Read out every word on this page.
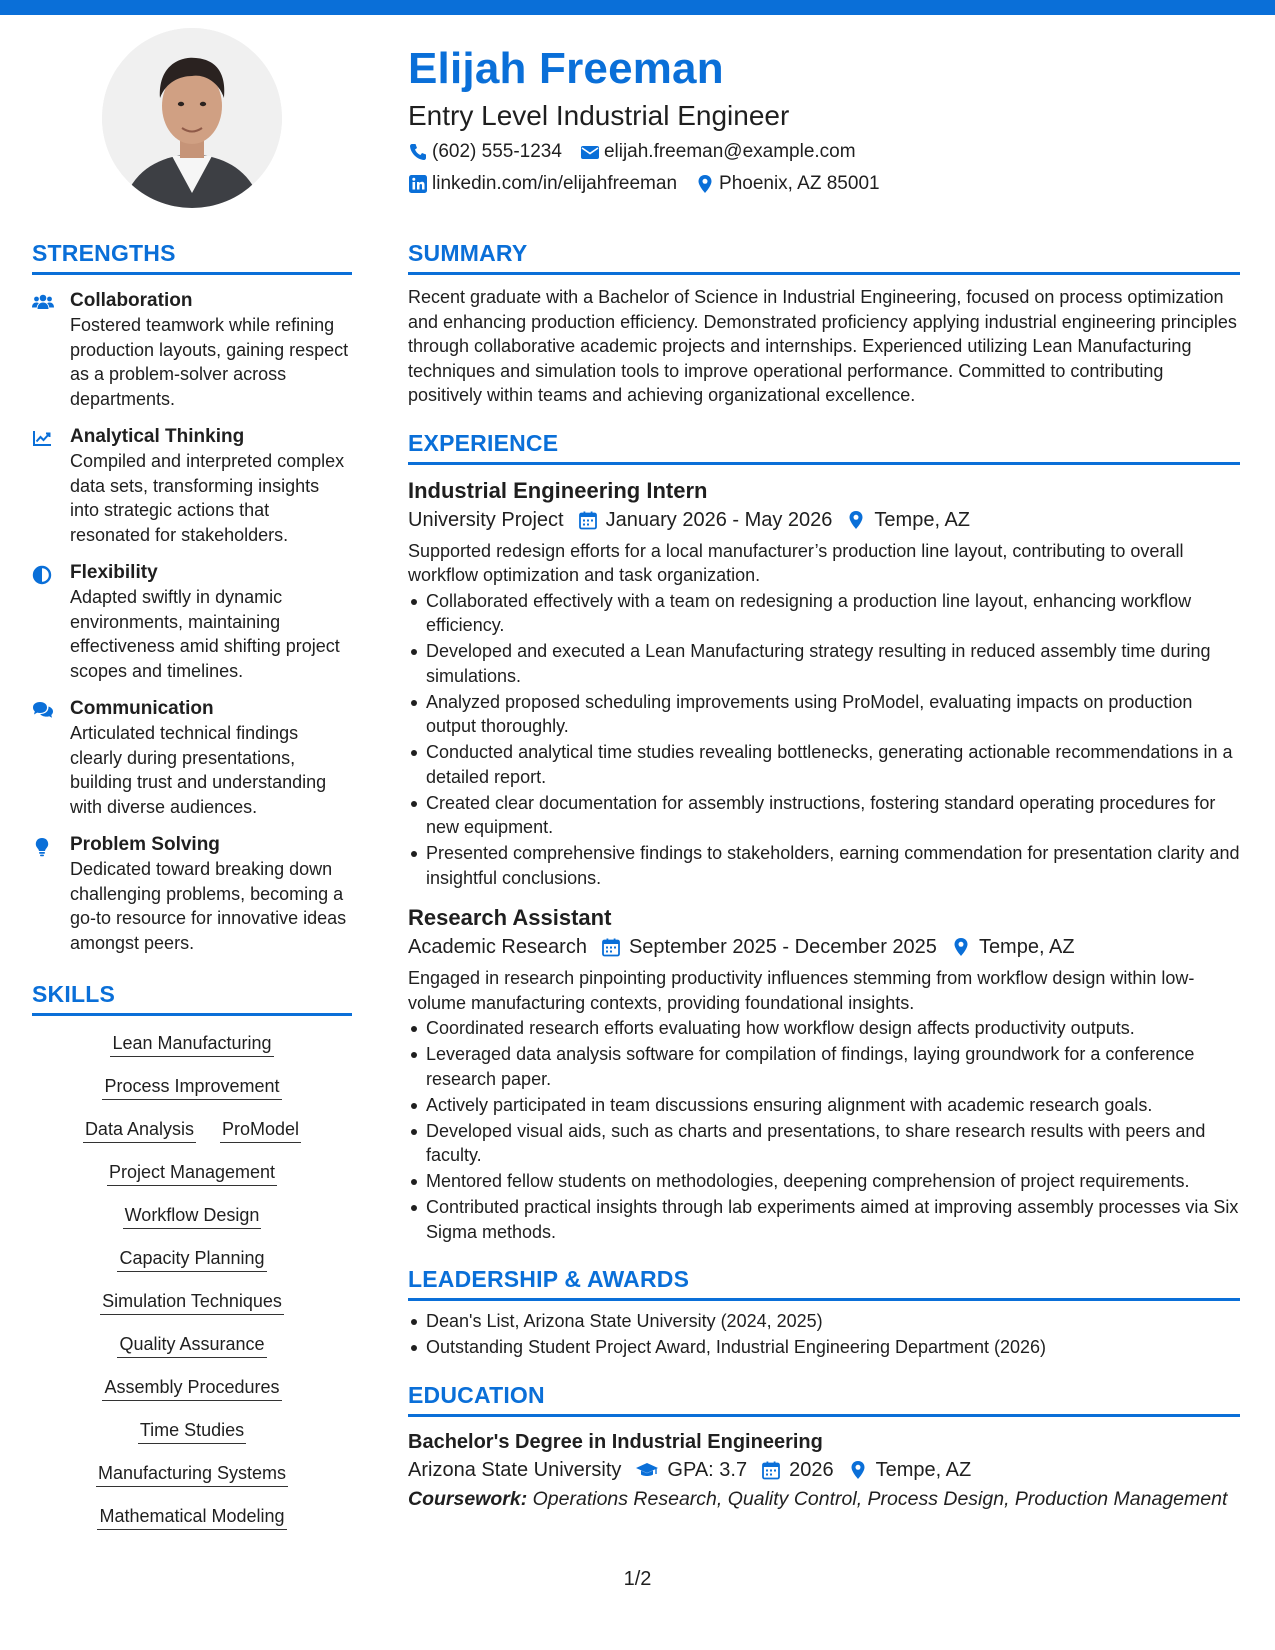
Elijah Freeman
Entry Level Industrial Engineer
(602) 555-1234 elijah.freeman@example.com
linkedin.com/in/elijahfreeman Phoenix, AZ 85001
STRENGTHS
Collaboration
Fostered teamwork while refining production layouts, gaining respect as a problem-solver across departments.
Analytical Thinking
Compiled and interpreted complex data sets, transforming insights into strategic actions that resonated for stakeholders.
Flexibility
Adapted swiftly in dynamic environments, maintaining effectiveness amid shifting project scopes and timelines.
Communication
Articulated technical findings clearly during presentations, building trust and understanding with diverse audiences.
Problem Solving
Dedicated toward breaking down challenging problems, becoming a go-to resource for innovative ideas amongst peers.
SKILLS
Lean Manufacturing
Process Improvement
Data Analysis ProModel
Project Management
Workflow Design
Capacity Planning
Simulation Techniques
Quality Assurance
Assembly Procedures
Time Studies
Manufacturing Systems
Mathematical Modeling
SUMMARY
Recent graduate with a Bachelor of Science in Industrial Engineering, focused on process optimization and enhancing production efficiency. Demonstrated proficiency applying industrial engineering principles through collaborative academic projects and internships. Experienced utilizing Lean Manufacturing techniques and simulation tools to improve operational performance. Committed to contributing positively within teams and achieving organizational excellence.
EXPERIENCE
Industrial Engineering Intern
University Project January 2026 - May 2026 Tempe, AZ
Supported redesign efforts for a local manufacturer’s production line layout, contributing to overall workflow optimization and task organization.
Collaborated effectively with a team on redesigning a production line layout, enhancing workflow efficiency.
Developed and executed a Lean Manufacturing strategy resulting in reduced assembly time during simulations.
Analyzed proposed scheduling improvements using ProModel, evaluating impacts on production output thoroughly.
Conducted analytical time studies revealing bottlenecks, generating actionable recommendations in a detailed report.
Created clear documentation for assembly instructions, fostering standard operating procedures for new equipment.
Presented comprehensive findings to stakeholders, earning commendation for presentation clarity and insightful conclusions.
Research Assistant
Academic Research September 2025 - December 2025 Tempe, AZ
Engaged in research pinpointing productivity influences stemming from workflow design within low-volume manufacturing contexts, providing foundational insights.
Coordinated research efforts evaluating how workflow design affects productivity outputs.
Leveraged data analysis software for compilation of findings, laying groundwork for a conference research paper.
Actively participated in team discussions ensuring alignment with academic research goals.
Developed visual aids, such as charts and presentations, to share research results with peers and faculty.
Mentored fellow students on methodologies, deepening comprehension of project requirements.
Contributed practical insights through lab experiments aimed at improving assembly processes via Six Sigma methods.
LEADERSHIP & AWARDS
Dean's List, Arizona State University (2024, 2025)
Outstanding Student Project Award, Industrial Engineering Department (2026)
EDUCATION
Bachelor's Degree in Industrial Engineering
Arizona State University GPA: 3.7 2026 Tempe, AZ
Coursework: Operations Research, Quality Control, Process Design, Production Management
1/2
